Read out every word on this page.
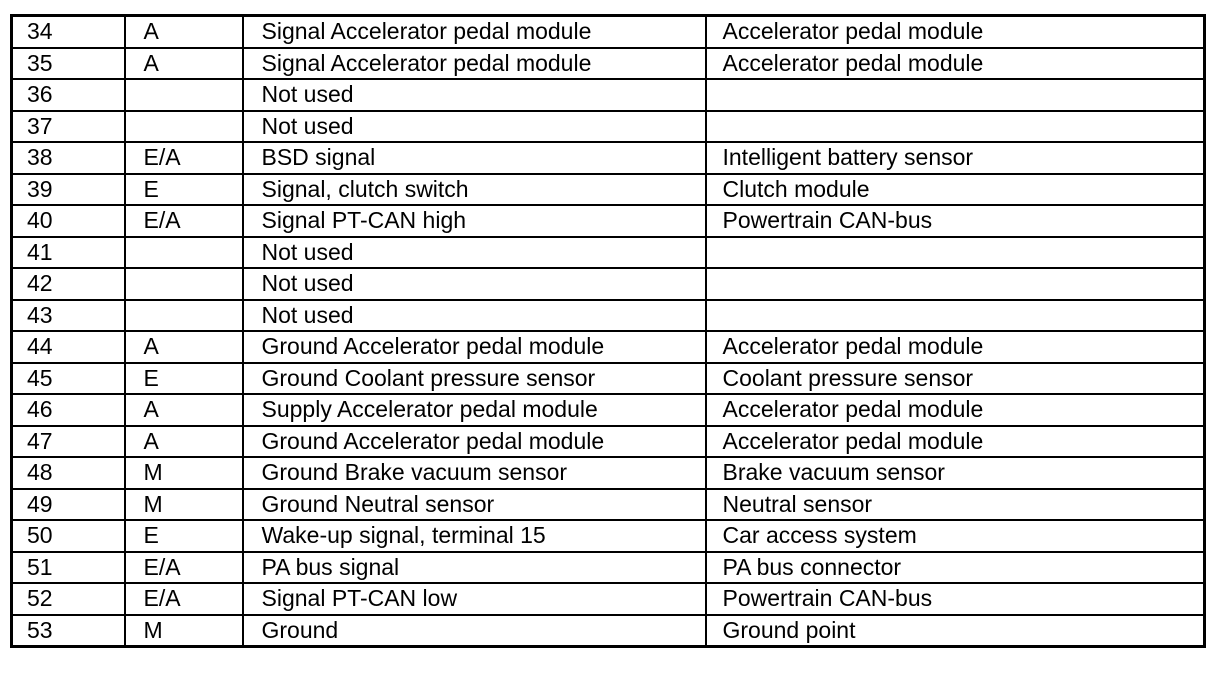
34	A	Signal Accelerator pedal module	Accelerator pedal module
35	A	Signal Accelerator pedal module	Accelerator pedal module
36		Not used	
37		Not used	
38	E/A	BSD signal	Intelligent battery sensor
39	E	Signal, clutch switch	Clutch module
40	E/A	Signal PT-CAN high	Powertrain CAN-bus
41		Not used	
42		Not used	
43		Not used	
44	A	Ground Accelerator pedal module	Accelerator pedal module
45	E	Ground Coolant pressure sensor	Coolant pressure sensor
46	A	Supply Accelerator pedal module	Accelerator pedal module
47	A	Ground Accelerator pedal module	Accelerator pedal module
48	M	Ground Brake vacuum sensor	Brake vacuum sensor
49	M	Ground Neutral sensor	Neutral sensor
50	E	Wake-up signal, terminal 15	Car access system
51	E/A	PA bus signal	PA bus connector
52	E/A	Signal PT-CAN low	Powertrain CAN-bus
53	M	Ground	Ground point
